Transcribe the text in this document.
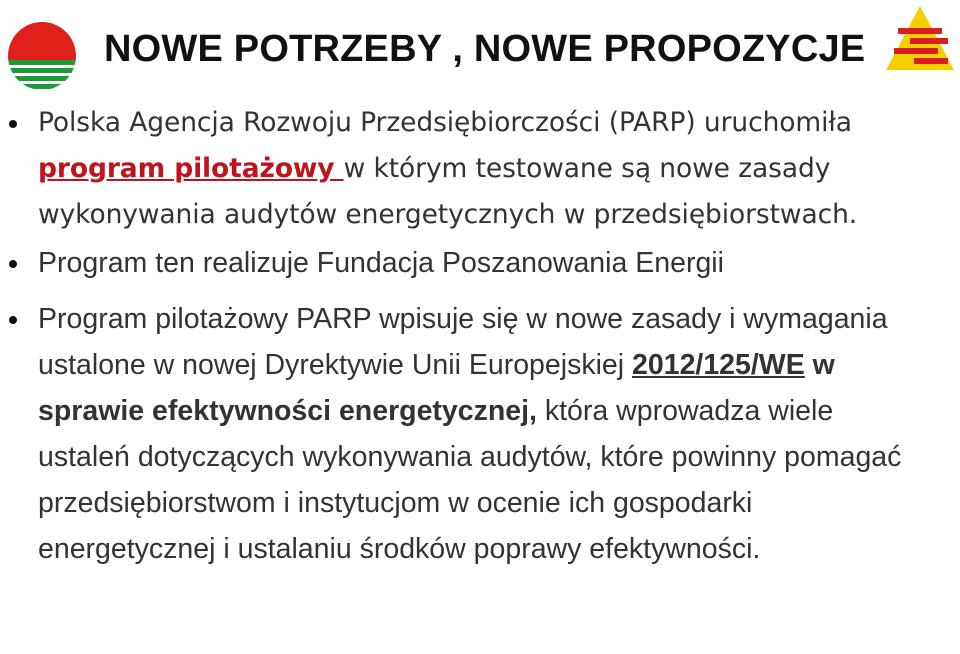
NOWE POTRZEBY , NOWE PROPOZYCJE
Polska Agencja Rozwoju Przedsiębiorczości (PARP) uruchomiła program pilotażowy w którym testowane są nowe zasady wykonywania audytów energetycznych w przedsiębiorstwach.
Program ten realizuje Fundacja Poszanowania Energii
Program pilotażowy PARP wpisuje się w nowe zasady i wymagania ustalone w nowej Dyrektywie Unii Europejskiej 2012/125/WE w sprawie efektywności energetycznej, która wprowadza wiele ustaleń dotyczących wykonywania audytów, które powinny pomagać przedsiębiorstwom i instytucjom w ocenie ich gospodarki energetycznej i ustalaniu środków poprawy efektywności.
